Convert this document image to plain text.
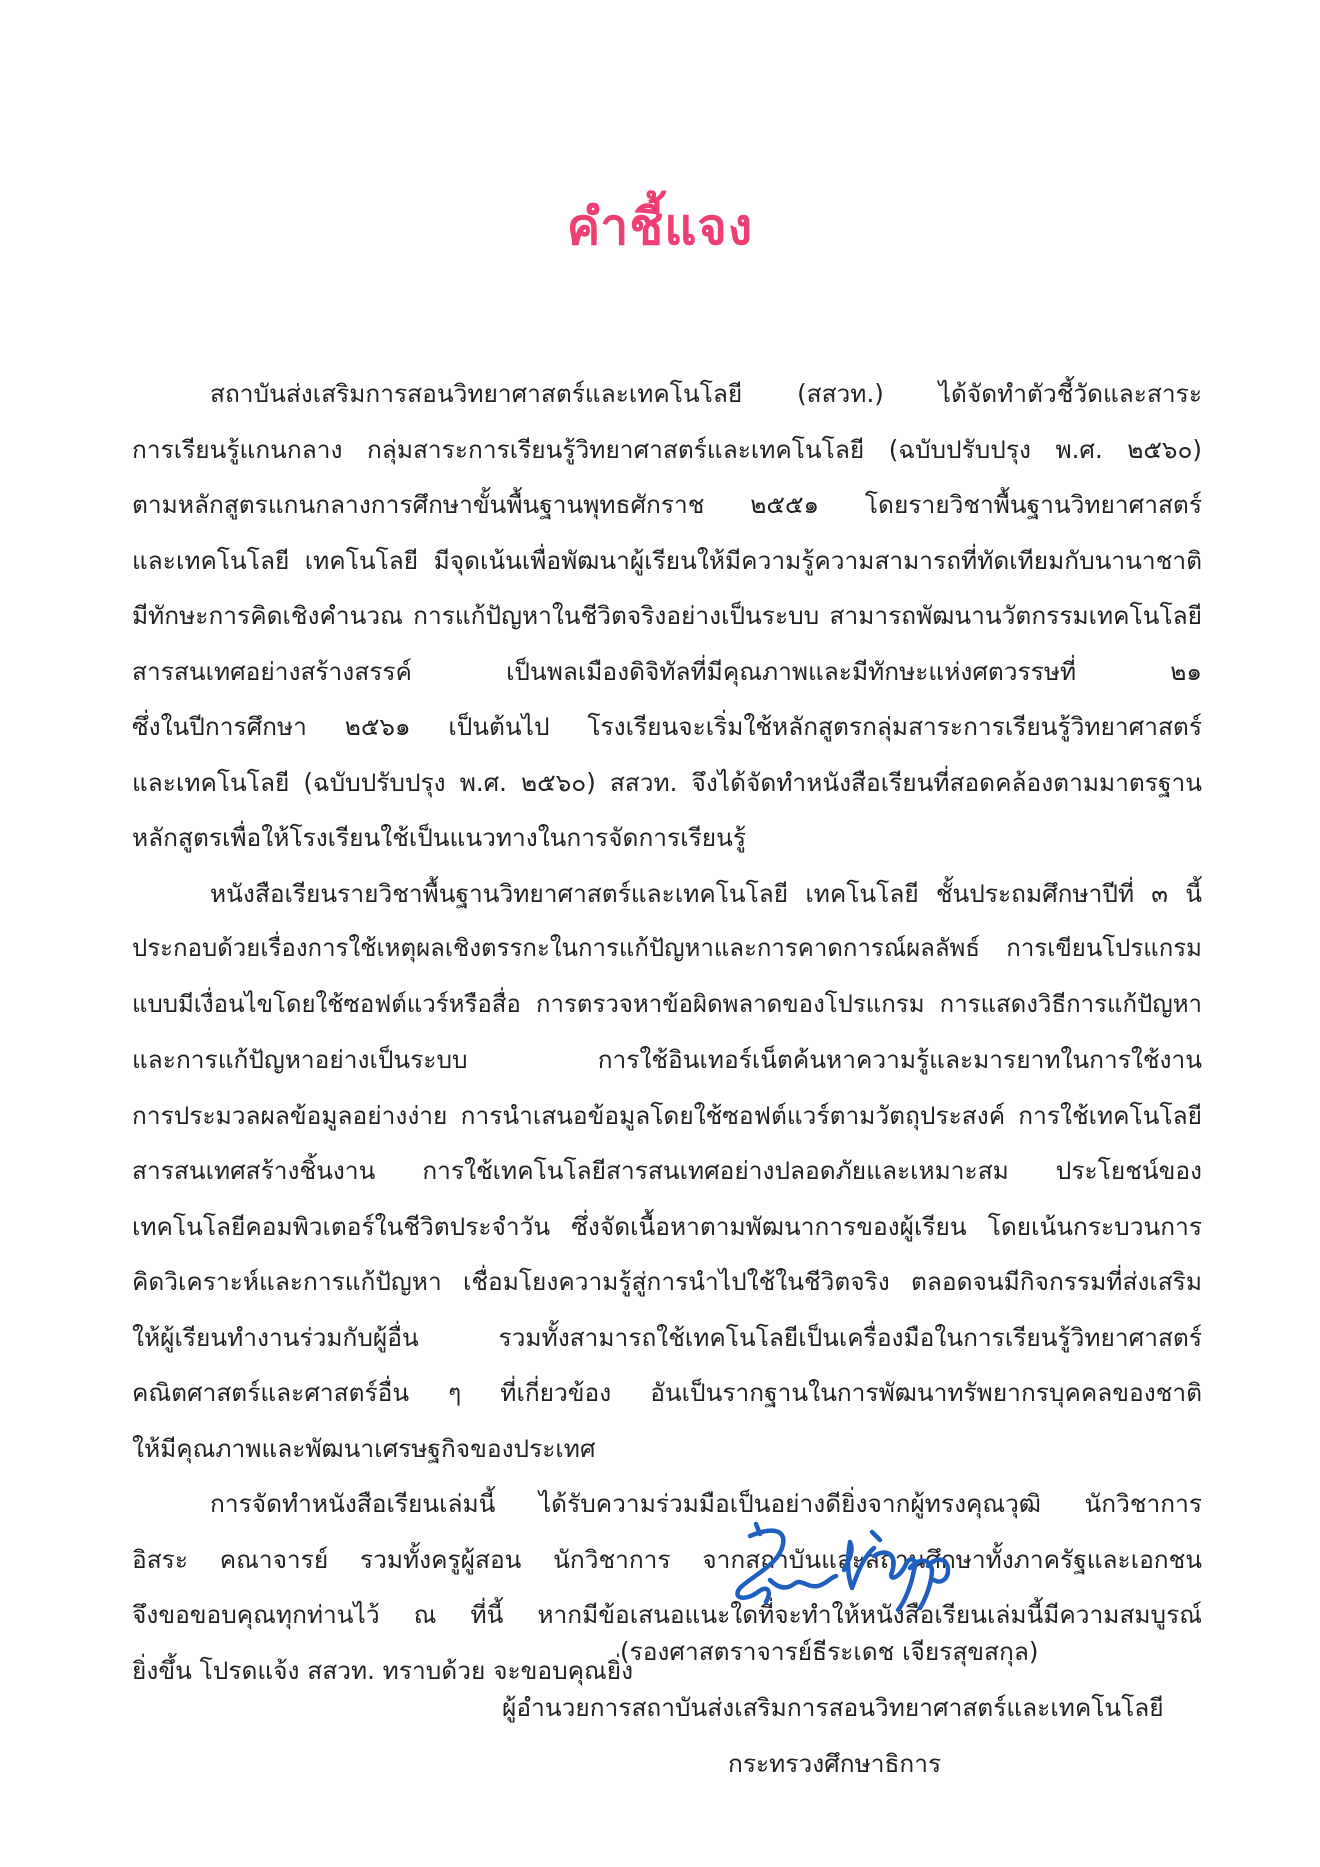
คำชี้แจง
สถาบันส่งเสริมการสอนวิทยาศาสตร์และเทคโนโลยี (สสวท.) ได้จัดทำตัวชี้วัดและสาระ
การเรียนรู้แกนกลาง กลุ่มสาระการเรียนรู้วิทยาศาสตร์และเทคโนโลยี (ฉบับปรับปรุง พ.ศ. ๒๕๖๐)
ตามหลักสูตรแกนกลางการศึกษาขั้นพื้นฐานพุทธศักราช ๒๕๕๑ โดยรายวิชาพื้นฐานวิทยาศาสตร์
และเทคโนโลยี เทคโนโลยี มีจุดเน้นเพื่อพัฒนาผู้เรียนให้มีความรู้ความสามารถที่ทัดเทียมกับนานาชาติ
มีทักษะการคิดเชิงคำนวณ การแก้ปัญหาในชีวิตจริงอย่างเป็นระบบ สามารถพัฒนานวัตกรรมเทคโนโลยี
สารสนเทศอย่างสร้างสรรค์ เป็นพลเมืองดิจิทัลที่มีคุณภาพและมีทักษะแห่งศตวรรษที่ ๒๑
ซึ่งในปีการศึกษา ๒๕๖๑ เป็นต้นไป โรงเรียนจะเริ่มใช้หลักสูตรกลุ่มสาระการเรียนรู้วิทยาศาสตร์
และเทคโนโลยี (ฉบับปรับปรุง พ.ศ. ๒๕๖๐) สสวท. จึงได้จัดทำหนังสือเรียนที่สอดคล้องตามมาตรฐาน
หลักสูตรเพื่อให้โรงเรียนใช้เป็นแนวทางในการจัดการเรียนรู้
หนังสือเรียนรายวิชาพื้นฐานวิทยาศาสตร์และเทคโนโลยี เทคโนโลยี ชั้นประถมศึกษาปีที่ ๓ นี้
ประกอบด้วยเรื่องการใช้เหตุผลเชิงตรรกะในการแก้ปัญหาและการคาดการณ์ผลลัพธ์ การเขียนโปรแกรม
แบบมีเงื่อนไขโดยใช้ซอฟต์แวร์หรือสื่อ การตรวจหาข้อผิดพลาดของโปรแกรม การแสดงวิธีการแก้ปัญหา
และการแก้ปัญหาอย่างเป็นระบบ การใช้อินเทอร์เน็ตค้นหาความรู้และมารยาทในการใช้งาน
การประมวลผลข้อมูลอย่างง่าย การนำเสนอข้อมูลโดยใช้ซอฟต์แวร์ตามวัตถุประสงค์ การใช้เทคโนโลยี
สารสนเทศสร้างชิ้นงาน การใช้เทคโนโลยีสารสนเทศอย่างปลอดภัยและเหมาะสม ประโยชน์ของ
เทคโนโลยีคอมพิวเตอร์ในชีวิตประจำวัน ซึ่งจัดเนื้อหาตามพัฒนาการของผู้เรียน โดยเน้นกระบวนการ
คิดวิเคราะห์และการแก้ปัญหา เชื่อมโยงความรู้สู่การนำไปใช้ในชีวิตจริง ตลอดจนมีกิจกรรมที่ส่งเสริม
ให้ผู้เรียนทำงานร่วมกับผู้อื่น รวมทั้งสามารถใช้เทคโนโลยีเป็นเครื่องมือในการเรียนรู้วิทยาศาสตร์
คณิตศาสตร์และศาสตร์อื่น ๆ ที่เกี่ยวข้อง อันเป็นรากฐานในการพัฒนาทรัพยากรบุคคลของชาติ
ให้มีคุณภาพและพัฒนาเศรษฐกิจของประเทศ
การจัดทำหนังสือเรียนเล่มนี้ ได้รับความร่วมมือเป็นอย่างดียิ่งจากผู้ทรงคุณวุฒิ นักวิชาการ
อิสระ คณาจารย์ รวมทั้งครูผู้สอน นักวิชาการ จากสถาบันและสถานศึกษาทั้งภาครัฐและเอกชน
จึงขอขอบคุณทุกท่านไว้ ณ ที่นี้ หากมีข้อเสนอแนะใดที่จะทำให้หนังสือเรียนเล่มนี้มีความสมบูรณ์
ยิ่งขึ้น โปรดแจ้ง สสวท. ทราบด้วย จะขอบคุณยิ่ง
(รองศาสตราจารย์ธีระเดช เจียรสุขสกุล)
ผู้อำนวยการสถาบันส่งเสริมการสอนวิทยาศาสตร์และเทคโนโลยี
กระทรวงศึกษาธิการ
